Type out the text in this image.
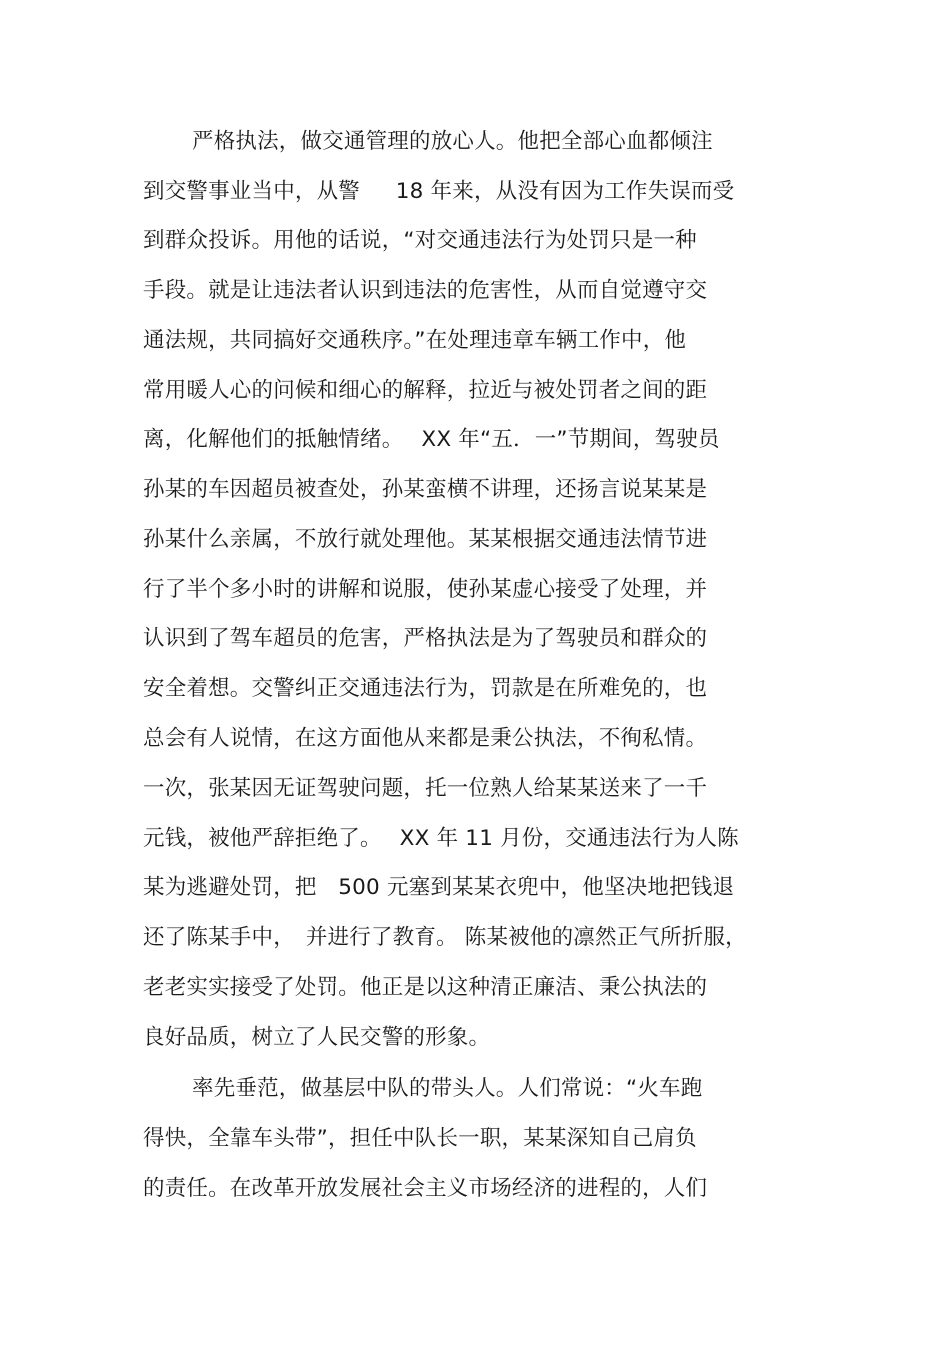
严格执法，做交通管理的放心人。他把全部心血都倾注
到交警事业当中，从警　  18 年来，从没有因为工作失误而受
到群众投诉。用他的话说，“对交通违法行为处罚只是一种
手段。就是让违法者认识到违法的危害性，从而自觉遵守交
通法规，共同搞好交通秩序。”在处理违章车辆工作中，他
常用暖人心的问候和细心的解释，拉近与被处罚者之间的距
离，化解他们的抵触情绪。　 XX 年“五．一”节期间，驾驶员
孙某的车因超员被查处，孙某蛮横不讲理，还扬言说某某是
孙某什么亲属，不放行就处理他。某某根据交通违法情节进
行了半个多小时的讲解和说服，使孙某虚心接受了处理，并
认识到了驾车超员的危害，严格执法是为了驾驶员和群众的
安全着想。交警纠正交通违法行为，罚款是在所难免的，也
总会有人说情，在这方面他从来都是秉公执法，不徇私情。
一次，张某因无证驾驶问题，托一位熟人给某某送来了一千
元钱，被他严辞拒绝了。　 XX 年 11 月份，交通违法行为人陈
某为逃避处罚，把　500 元塞到某某衣兜中，他坚决地把钱退
还了陈某手中，　并进行了教育。 陈某被他的凛然正气所折服，
老老实实接受了处罚。他正是以这种清正廉洁、秉公执法的
良好品质，树立了人民交警的形象。
率先垂范，做基层中队的带头人。人们常说：“火车跑
得快，全靠车头带”，担任中队长一职，某某深知自己肩负
的责任。在改革开放发展社会主义市场经济的进程的，人们
